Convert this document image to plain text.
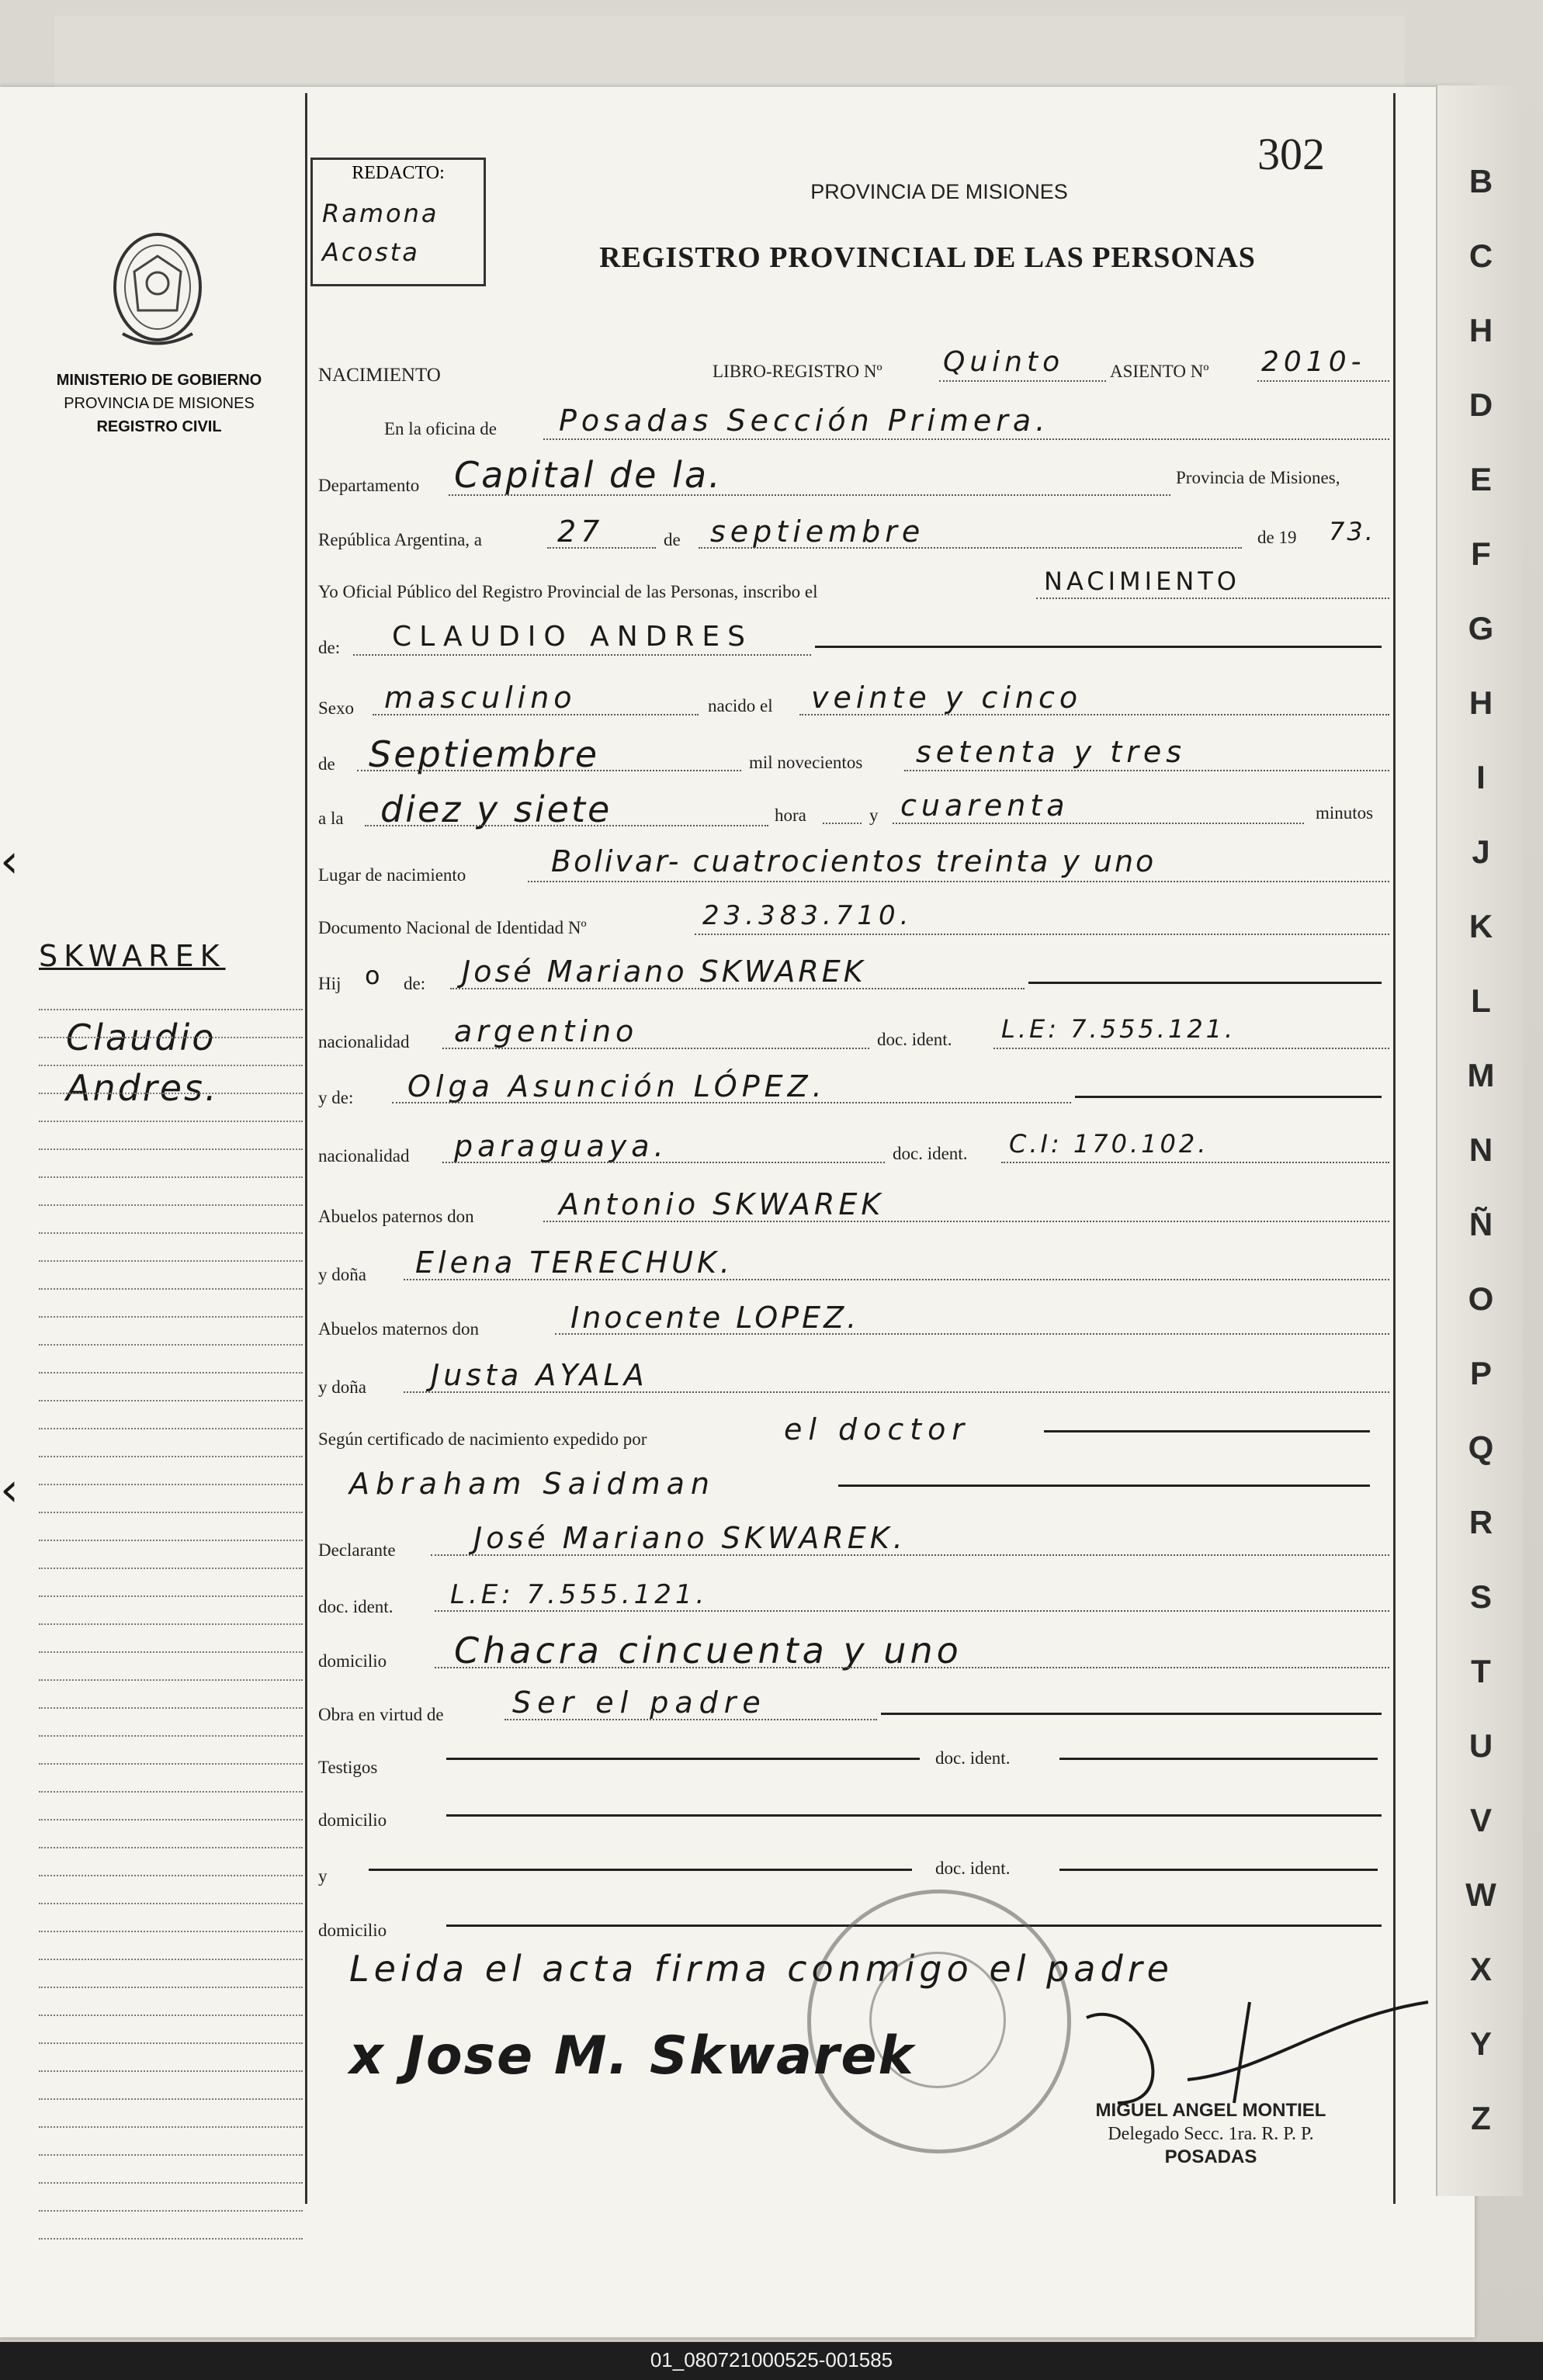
B
C
H
D
E
F
G
H
I
J
K
L
M
N
Ñ
O
P
Q
R
S
T
U
V
W
X
Y
Z
MINISTERIO DE GOBIERNO
PROVINCIA DE MISIONES
REGISTRO CIVIL
REDACTO:
Ramona
Acosta
PROVINCIA DE MISIONES
REGISTRO PROVINCIAL DE LAS PERSONAS
302
SKWAREK
Claudio
Andres.
‹
‹
NACIMIENTO	LIBRO-REGISTRO Nº Quinto	ASIENTO Nº 2010-
En la oficina de Posadas Sección Primera.
Departamento Capital de la.	Provincia de Misiones,
República Argentina, a	27	de septiembre	de 19 73.
Yo Oficial Público del Registro Provincial de las Personas, inscribo el	NACIMIENTO
de: CLAUDIO ANDRES
Sexo masculino	nacido el veinte y cinco
de Septiembre	mil novecientos setenta y tres
a la diez y siete	hora	y cuarenta	minutos
Lugar de nacimiento	Bolivar- cuatrocientos treinta y uno
Documento Nacional de Identidad Nº	23.383.710.
Hij o de: José Mariano SKWAREK
nacionalidad argentino	doc. ident. L.E: 7.555.121.
y de: Olga Asunción LÓPEZ.
nacionalidad paraguaya.	doc. ident. C.I: 170.102.
Abuelos paternos don	Antonio SKWAREK
y doña Elena TERECHUK.
Abuelos maternos don	Inocente LOPEZ.
y doña Justa AYALA
Según certificado de nacimiento expedido por	el doctor
Abraham Saidman
Declarante	José Mariano SKWAREK.
doc. ident. L.E: 7.555.121.
domicilio Chacra cincuenta y uno
Obra en virtud de Ser el padre
Testigos	doc. ident.
domicilio
y	doc. ident.
domicilio
Leida el acta firma conmigo el padre
x Jose M. Skwarek
MIGUEL ANGEL MONTIEL
Delegado Secc. 1ra. R. P. P.
POSADAS
01_080721000525-001585
